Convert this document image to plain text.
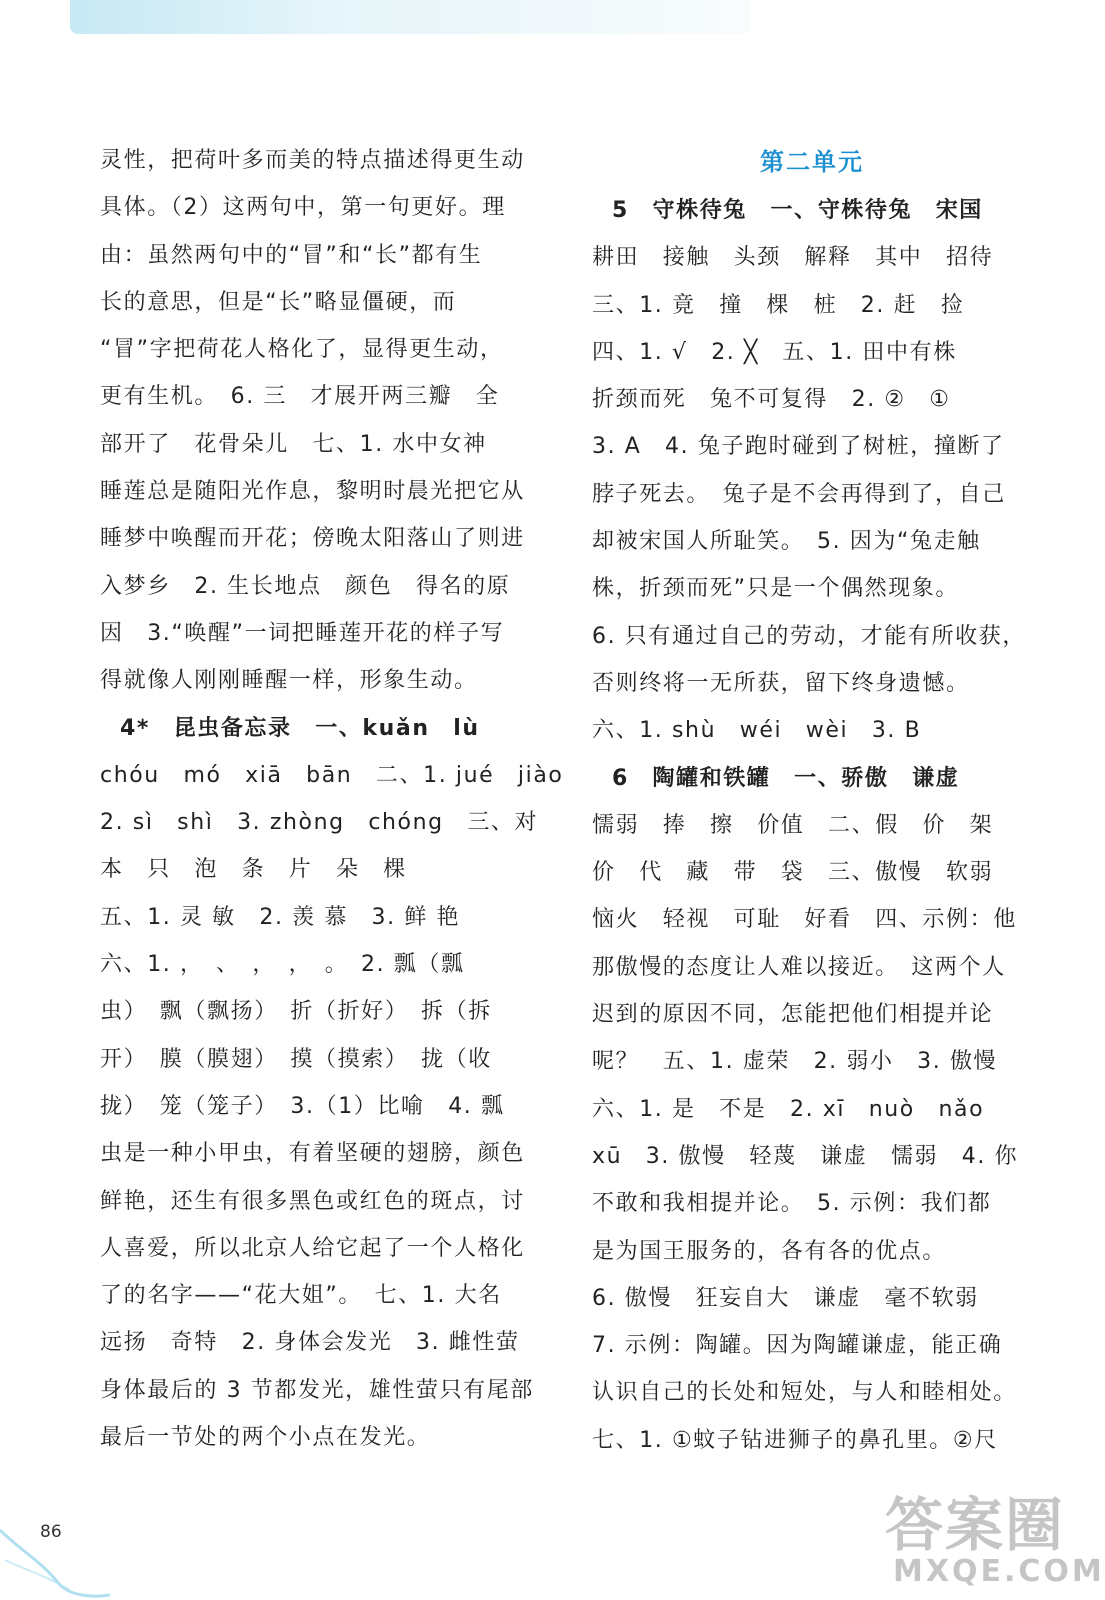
灵性，把荷叶多而美的特点描述得更生动
具体。（2）这两句中，第一句更好。理
由：虽然两句中的“冒”和“长”都有生
长的意思，但是“长”略显僵硬，而
“冒”字把荷花人格化了，显得更生动，
更有生机。　6. 三　才展开两三瓣　全
部开了　花骨朵儿　七、1. 水中女神
睡莲总是随阳光作息，黎明时晨光把它从
睡梦中唤醒而开花；傍晚太阳落山了则进
入梦乡　2. 生长地点　颜色　得名的原
因　3.“唤醒”一词把睡莲开花的样子写
得就像人刚刚睡醒一样，形象生动。
4*　昆虫备忘录　一、kuǎn　lù
chóu　mó　xiā　bān　二、1. jué　jiào
2. sì　shì　3. zhòng　chóng　三、对
本　只　泡　条　片　朵　棵
五、1. 灵 敏　2. 羡 慕　3. 鲜 艳
六、1. ，　、　，　，　。　2. 瓢（瓢
虫）　飘（飘扬）　折（折好）　拆（拆
开）　膜（膜翅）　摸（摸索）　拢（收
拢）　笼（笼子）　3.（1）比喻　4. 瓢
虫是一种小甲虫，有着坚硬的翅膀，颜色
鲜艳，还生有很多黑色或红色的斑点，讨
人喜爱，所以北京人给它起了一个人格化
了的名字——“花大姐”。　七、1. 大名
远扬　奇特　2. 身体会发光　3. 雌性萤
身体最后的 3 节都发光，雄性萤只有尾部
最后一节处的两个小点在发光。
第二单元
5　守株待兔　一、守株待兔　宋国
耕田　接触　头颈　解释　其中　招待
三、1. 竟　撞　棵　桩　2. 赶　捡
四、1. √　2. ╳　五、1. 田中有株
折颈而死　兔不可复得　2. ②　①
3. A　4. 兔子跑时碰到了树桩，撞断了
脖子死去。　兔子是不会再得到了，自己
却被宋国人所耻笑。　5. 因为“兔走触
株，折颈而死”只是一个偶然现象。
6. 只有通过自己的劳动，才能有所收获，
否则终将一无所获，留下终身遗憾。
六、1. shù　wéi　wèi　3. B
6　陶罐和铁罐　一、骄傲　谦虚
懦弱　捧　擦　价值　二、假　价　架
价　代　藏　带　袋　三、傲慢　软弱
恼火　轻视　可耻　好看　四、示例：他
那傲慢的态度让人难以接近。　这两个人
迟到的原因不同，怎能把他们相提并论
呢？　五、1. 虚荣　2. 弱小　3. 傲慢
六、1. 是　不是　2. xī　nuò　nǎo
xū　3. 傲慢　轻蔑　谦虚　懦弱　4. 你
不敢和我相提并论。　5. 示例：我们都
是为国王服务的，各有各的优点。
6. 傲慢　狂妄自大　谦虚　毫不软弱
7. 示例：陶罐。因为陶罐谦虚，能正确
认识自己的长处和短处，与人和睦相处。
七、1. ①蚊子钻进狮子的鼻孔里。②尺
86	答案圈
MXQE.COM
